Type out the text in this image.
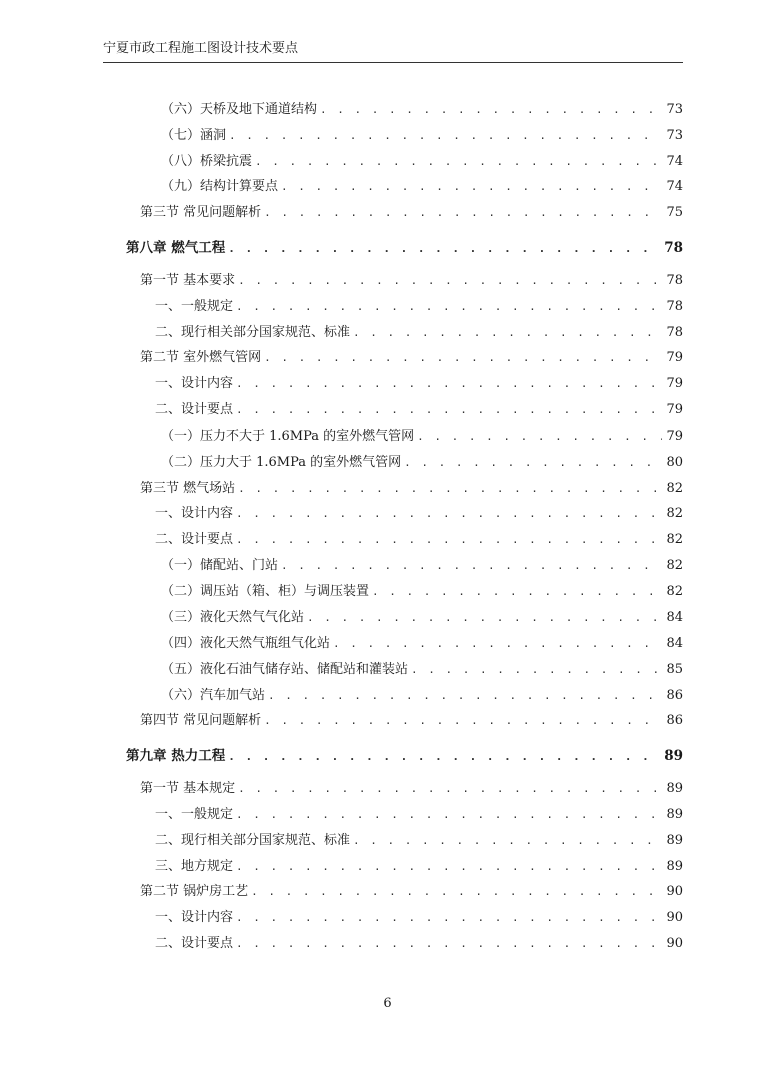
宁夏市政工程施工图设计技术要点
（六）天桥及地下通道结构 . . .	73
（七）涵洞 . . .	73
（八）桥梁抗震 . . .	74
（九）结构计算要点 . . .	74
第三节 常见问题解析 . . .	75
第八章 燃气工程 . . .	78
第一节 基本要求 . . .	78
一、一般规定 . . .	78
二、现行相关部分国家规范、标准 . . .	78
第二节 室外燃气管网 . . .	79
一、设计内容 . . .	79
二、设计要点 . . .	79
（一）压力不大于 1.6MPa 的室外燃气管网 . . .	79
（二）压力大于 1.6MPa 的室外燃气管网 . . .	80
第三节 燃气场站 . . .	82
一、设计内容 . . .	82
二、设计要点 . . .	82
（一）储配站、门站 . . .	82
（二）调压站（箱、柜）与调压装置 . . .	82
（三）液化天然气气化站 . . .	84
（四）液化天然气瓶组气化站 . . .	84
（五）液化石油气储存站、储配站和灌装站 . . .	85
（六）汽车加气站 . . .	86
第四节 常见问题解析 . . .	86
第九章 热力工程 . . .	89
第一节 基本规定 . . .	89
一、一般规定 . . .	89
二、现行相关部分国家规范、标准 . . .	89
三、地方规定 . . .	89
第二节 锅炉房工艺 . . .	90
一、设计内容 . . .	90
二、设计要点 . . .	90
6
